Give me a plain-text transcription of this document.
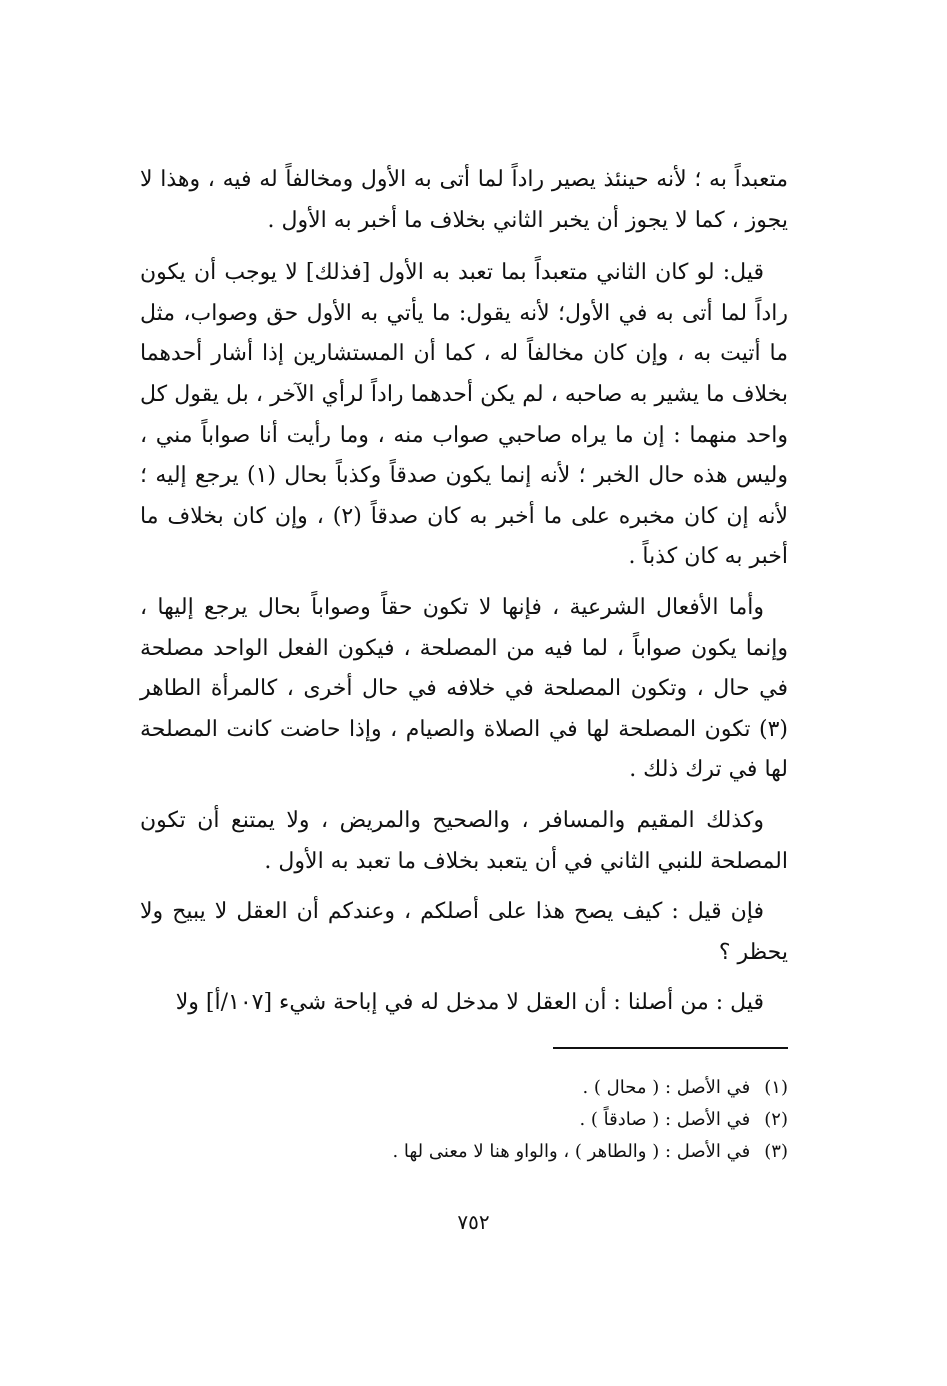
متعبداً به ؛ لأنه حينئذ يصير راداً لما أتى به الأول ومخالفاً له فيه ، وهذا لا يجوز ، كما لا يجوز أن يخبر الثاني بخلاف ما أخبر به الأول .

قيل: لو كان الثاني متعبداً بما تعبد به الأول [فذلك] لا يوجب أن يكون راداً لما أتى به في الأول؛ لأنه يقول: ما يأتي به الأول حق وصواب، مثل ما أتيت به ، وإن كان مخالفاً له ، كما أن المستشارين إذا أشار أحدهما بخلاف ما يشير به صاحبه ، لم يكن أحدهما راداً لرأي الآخر ، بل يقول كل واحد منهما : إن ما يراه صاحبي صواب منه ، وما رأيت أنا صواباً مني ، وليس هذه حال الخبر ؛ لأنه إنما يكون صدقاً وكذباً بحال (١) يرجع إليه ؛ لأنه إن كان مخبره على ما أخبر به كان صدقاً (٢) ، وإن كان بخلاف ما أخبر به كان كذباً .

وأما الأفعال الشرعية ، فإنها لا تكون حقاً وصواباً بحال يرجع إليها ، وإنما يكون صواباً ، لما فيه من المصلحة ، فيكون الفعل الواحد مصلحة في حال ، وتكون المصلحة في خلافه في حال أخرى ، كالمرأة الطاهر (٣) تكون المصلحة لها في الصلاة والصيام ، وإذا حاضت كانت المصلحة لها في ترك ذلك .

وكذلك المقيم والمسافر ، والصحيح والمريض ، ولا يمتنع أن تكون المصلحة للنبي الثاني في أن يتعبد بخلاف ما تعبد به الأول .

فإن قيل : كيف يصح هذا على أصلكم ، وعندكم أن العقل لا يبيح ولا يحظر ؟

قيل : من أصلنا : أن العقل لا مدخل له في إباحة شيء [١٠٧/أ] ولا

(١)في الأصل : ( محال ) .
(٢)في الأصل : ( صادقاً ) .
(٣)في الأصل : ( والطاهر ) ، والواو هنا لا معنى لها .
٧٥٢
